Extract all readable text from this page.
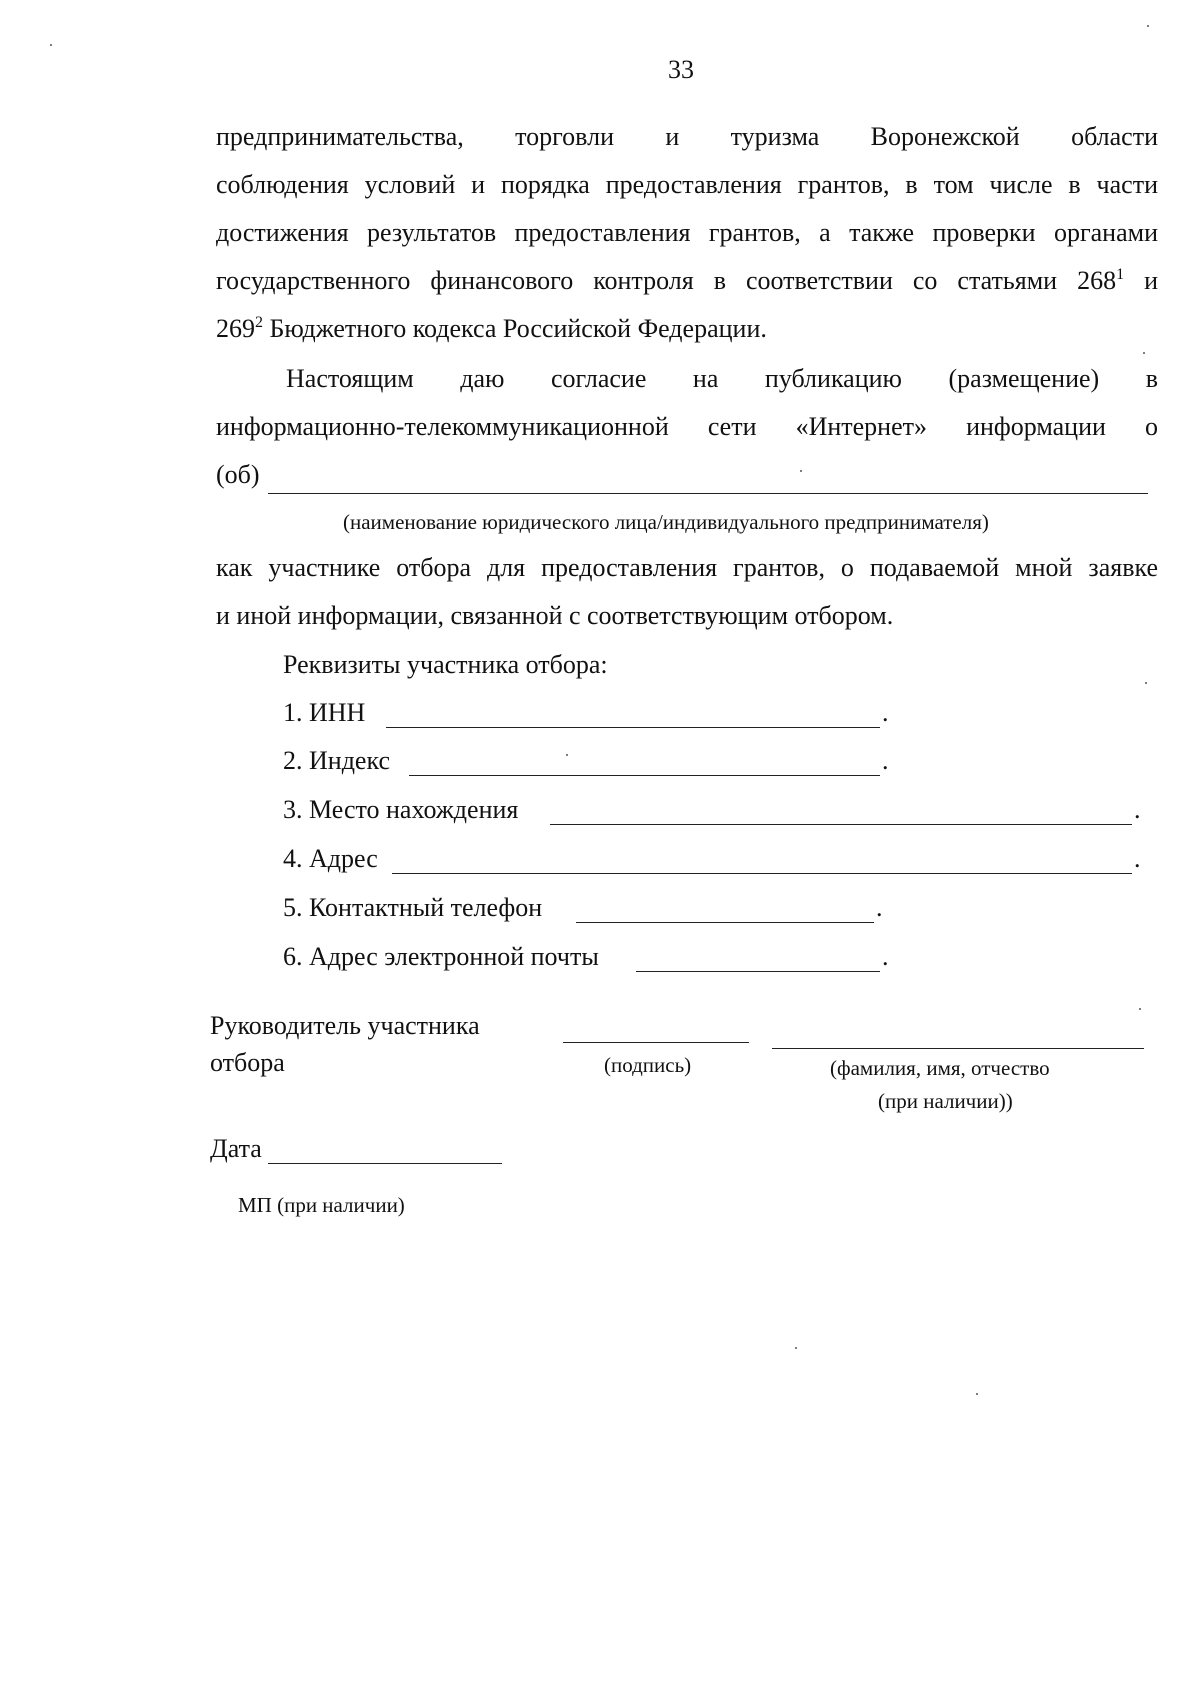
33
предпринимательства, торговли и туризма Воронежской области
соблюдения условий и порядка предоставления грантов, в том числе в части
достижения результатов предоставления грантов, а также проверки органами
государственного финансового контроля в соответствии со статьями $268^1$ и
$269^2$ Бюджетного кодекса Российской Федерации.
Настоящим даю согласие на публикацию (размещение) в
информационно-телекоммуникационной сети «Интернет» информации о
(об)
(наименование юридического лица/индивидуального предпринимателя)
как участнике отбора для предоставления грантов, о подаваемой мной заявке
и иной информации, связанной с соответствующим отбором.
Реквизиты участника отбора:
1. ИНН	.
2. Индекс	.
3. Место нахождения	.
4. Адрес	.
5. Контактный телефон	.
6. Адрес электронной почты	.
Руководитель участника
отбора	(подпись)	(фамилия, имя, отчество
(при наличии))
Дата
МП (при наличии)
